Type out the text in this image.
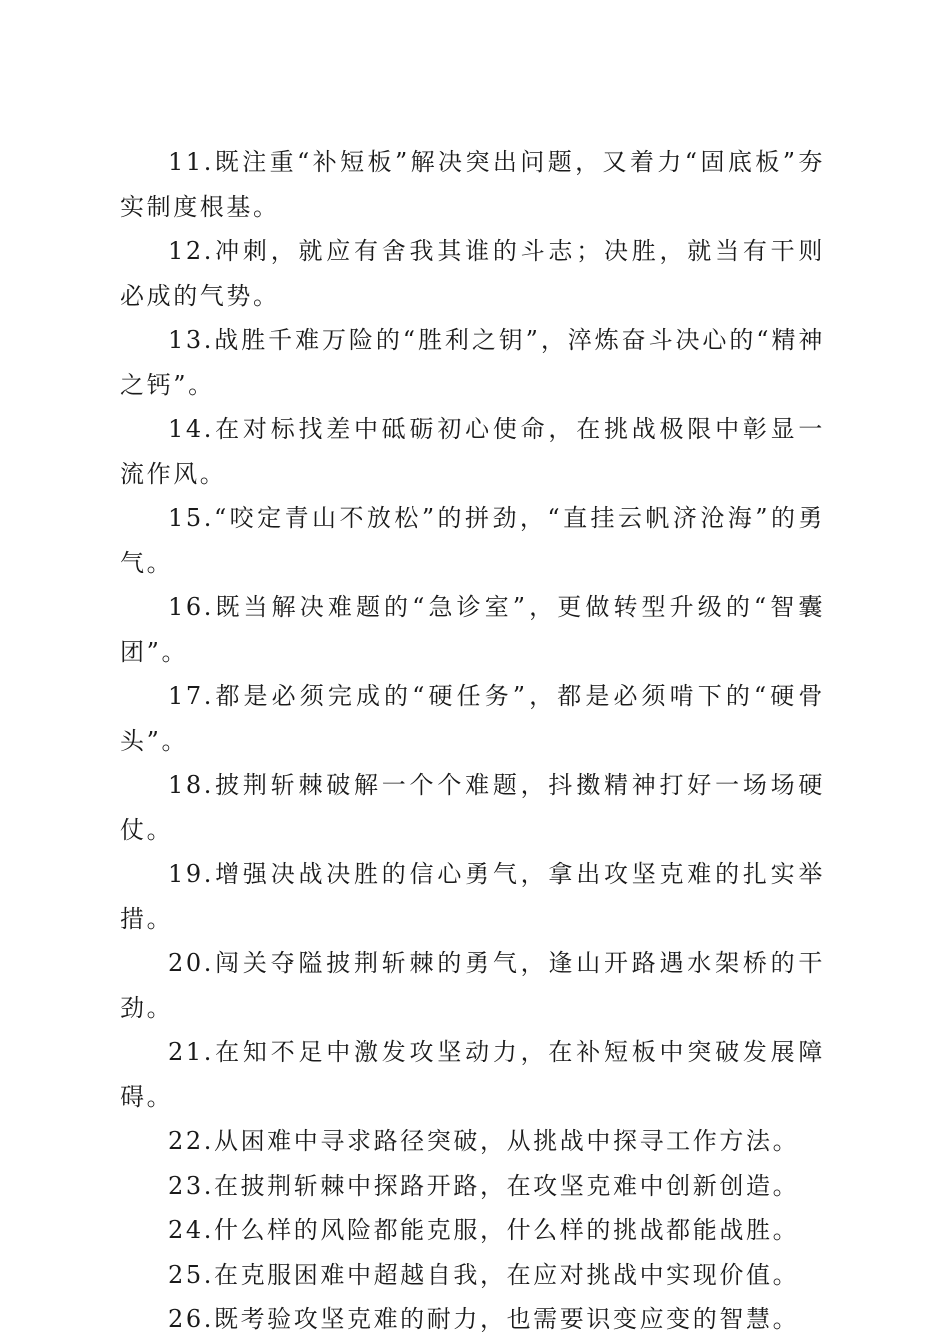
11.既注重“补短板”解决突出问题，又着力“固底板”夯实制度根基。

12.冲刺，就应有舍我其谁的斗志；决胜，就当有干则必成的气势。

13.战胜千难万险的“胜利之钥”，淬炼奋斗决心的“精神之钙”。

14.在对标找差中砥砺初心使命，在挑战极限中彰显一流作风。

15.“咬定青山不放松”的拼劲，“直挂云帆济沧海”的勇气。

16.既当解决难题的“急诊室”，更做转型升级的“智囊团”。

17.都是必须完成的“硬任务”，都是必须啃下的“硬骨头”。

18.披荆斩棘破解一个个难题，抖擞精神打好一场场硬仗。

19.增强决战决胜的信心勇气，拿出攻坚克难的扎实举措。

20.闯关夺隘披荆斩棘的勇气，逢山开路遇水架桥的干劲。

21.在知不足中激发攻坚动力，在补短板中突破发展障碍。

22.从困难中寻求路径突破，从挑战中探寻工作方法。

23.在披荆斩棘中探路开路，在攻坚克难中创新创造。

24.什么样的风险都能克服，什么样的挑战都能战胜。

25.在克服困难中超越自我，在应对挑战中实现价值。

26.既考验攻坚克难的耐力，也需要识变应变的智慧。
